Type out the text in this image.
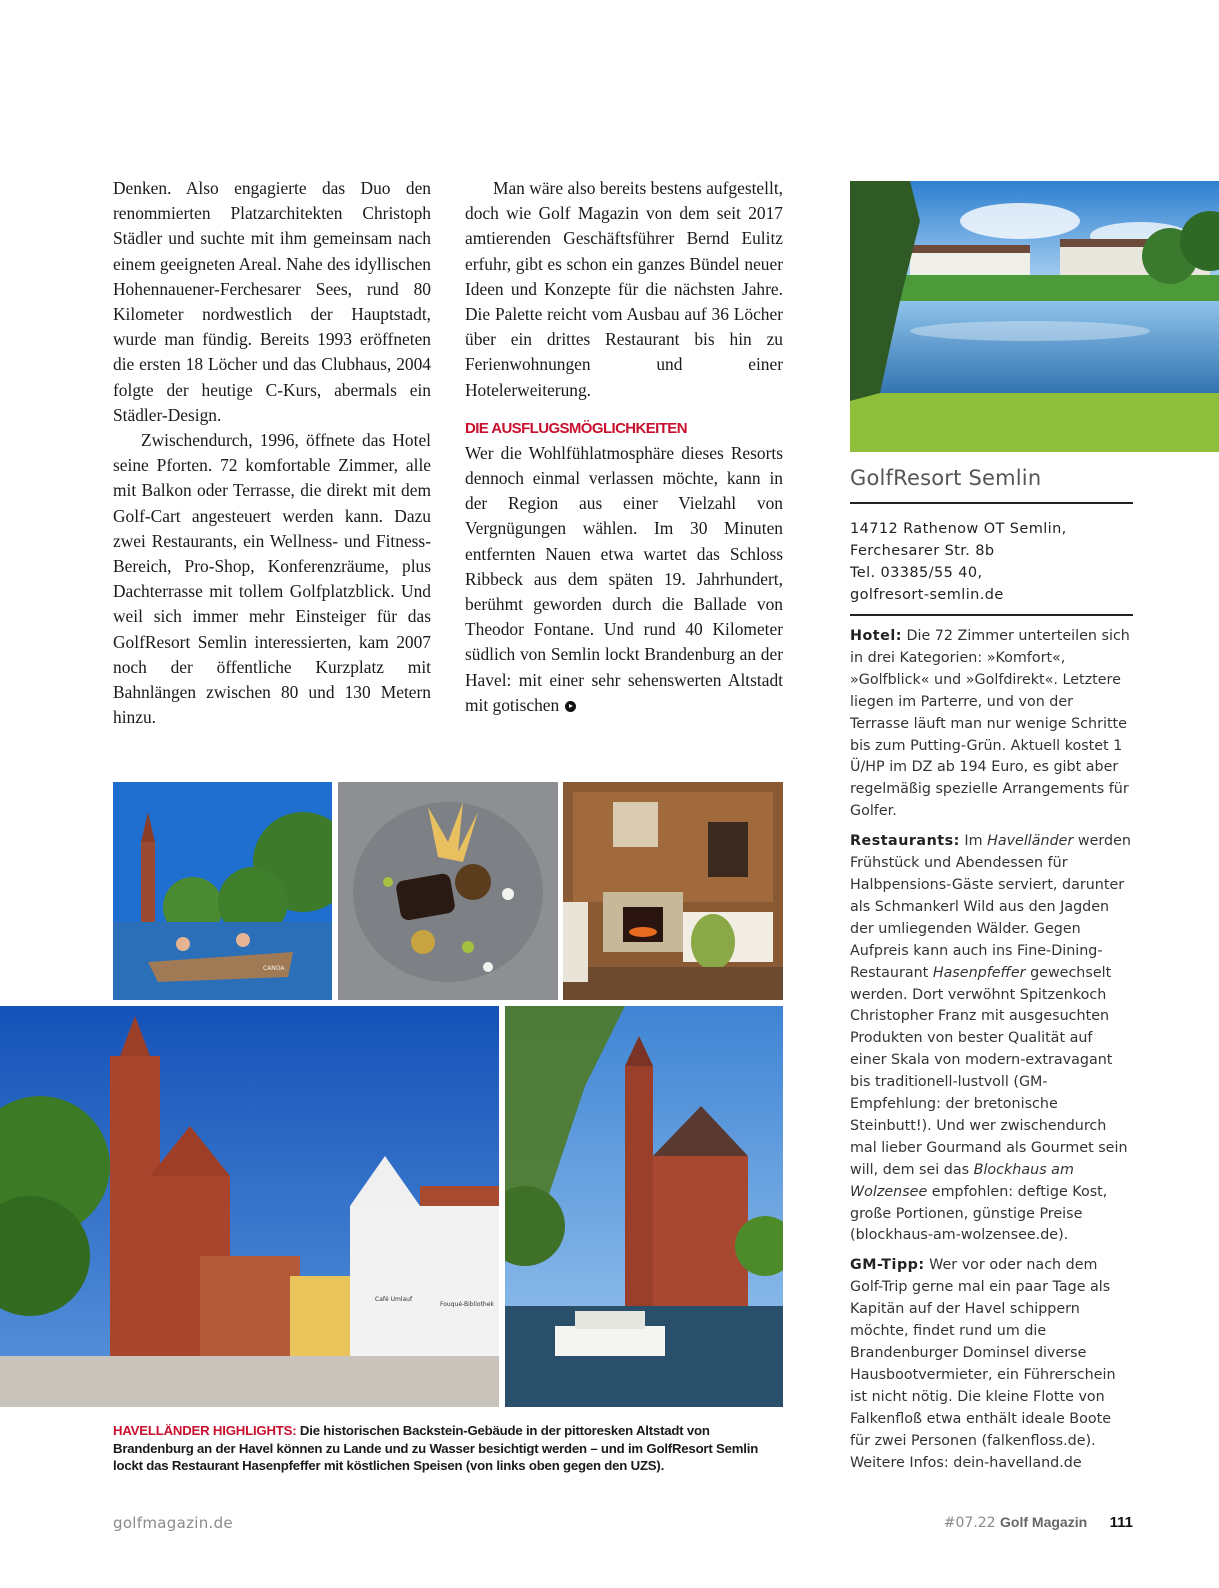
Denken. Also engagierte das Duo den renommierten Platzarchitekten Christoph Städler und suchte mit ihm gemeinsam nach einem geeigneten Areal. Nahe des idyllischen Hohennauener-Ferchesarer Sees, rund 80 Kilometer nordwestlich der Hauptstadt, wurde man fündig. Bereits 1993 eröffneten die ersten 18 Löcher und das Clubhaus, 2004 folgte der heutige C-Kurs, abermals ein Städler-Design.

Zwischendurch, 1996, öffnete das Hotel seine Pforten. 72 komfortable Zimmer, alle mit Balkon oder Terrasse, die direkt mit dem Golf-Cart angesteuert werden kann. Dazu zwei Restaurants, ein Wellness- und Fitness-Bereich, Pro-Shop, Konferenzräume, plus Dachterrasse mit tollem Golfplatzblick. Und weil sich immer mehr Einsteiger für das GolfResort Semlin interessierten, kam 2007 noch der öffentliche Kurzplatz mit Bahnlängen zwischen 80 und 130 Metern hinzu.

Man wäre also bereits bestens aufgestellt, doch wie Golf Magazin von dem seit 2017 amtierenden Geschäftsführer Bernd Eulitz erfuhr, gibt es schon ein ganzes Bündel neuer Ideen und Konzepte für die nächsten Jahre. Die Palette reicht vom Ausbau auf 36 Löcher über ein drittes Restaurant bis hin zu Ferienwohnungen und einer Hotelerweiterung.

DIE AUSFLUGSMÖGLICHKEITEN

Wer die Wohlfühlatmosphäre dieses Resorts dennoch einmal verlassen möchte, kann in der Region aus einer Vielzahl von Vergnügungen wählen. Im 30 Minuten entfernten Nauen etwa wartet das Schloss Ribbeck aus dem späten 19. Jahrhundert, berühmt geworden durch die Ballade von Theodor Fontane. Und rund 40 Kilometer südlich von Semlin lockt Brandenburg an der Havel: mit einer sehr sehenswerten Altstadt mit gotischen

GolfResort Semlin
14712 Rathenow OT Semlin,
Ferchesarer Str. 8b
Tel. 03385/55 40,
golfresort-semlin.de

Hotel: Die 72 Zimmer unterteilen sich in drei Kategorien: »Komfort«, »Golfblick« und »Golfdirekt«. Letztere liegen im Parterre, und von der Terrasse läuft man nur wenige Schritte bis zum Putting-Grün. Aktuell kostet 1 Ü/HP im DZ ab 194 Euro, es gibt aber regelmäßig spezielle Arrangements für Golfer.

Restaurants: Im Havelländer werden Frühstück und Abendessen für Halbpensions-Gäste serviert, darunter als Schmankerl Wild aus den Jagden der umliegenden Wälder. Gegen Aufpreis kann auch ins Fine-Dining-Restaurant Hasenpfeffer gewechselt werden. Dort verwöhnt Spitzenkoch Christopher Franz mit ausgesuchten Produkten von bester Qualität auf einer Skala von modern-extravagant bis traditionell-lustvoll (GM-Empfehlung: der bretonische Steinbutt!). Und wer zwischendurch mal lieber Gourmand als Gourmet sein will, dem sei das Blockhaus am Wolzensee empfohlen: deftige Kost, große Portionen, günstige Preise (blockhaus-am-wolzensee.de).

GM-Tipp: Wer vor oder nach dem Golf-Trip gerne mal ein paar Tage als Kapitän auf der Havel schippern möchte, findet rund um die Brandenburger Dominsel diverse Hausbootvermieter, ein Führerschein ist nicht nötig. Die kleine Flotte von Falkenfloß etwa enthält ideale Boote für zwei Personen (falkenfloss.de). Weitere Infos: dein-havelland.de

CANOA
Café Umlauf
Fouqué-Bibliothek
HAVELLÄNDER HIGHLIGHTS: Die historischen Backstein-Gebäude in der pittoresken Altstadt von Brandenburg an der Havel können zu Lande und zu Wasser besichtigt werden – und im GolfResort Semlin lockt das Restaurant Hasenpfeffer mit köstlichen Speisen (von links oben gegen den UZS).
golfmagazin.de	#07.22 Golf Magazin 111
